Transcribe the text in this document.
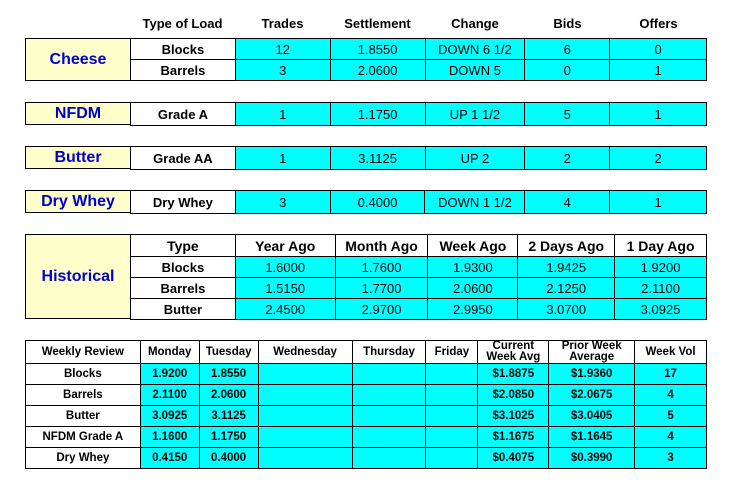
Type of Load	Trades	Settlement	Change	Bids	Offers
Cheese
Blocks	12	1.8550	DOWN 6 1/2	6	0
Barrels	3	2.0600	DOWN 5	0	1
NFDM	Grade A	1	1.1750	UP 1 1/2	5	1
Butter	Grade AA	1	3.1125	UP 2	2	2
Dry Whey	Dry Whey	3	0.4000	DOWN 1 1/2	4	1
Historical
Type	Year Ago	Month Ago	Week Ago	2 Days Ago	1 Day Ago
Blocks	1.6000	1.7600	1.9300	1.9425	1.9200
Barrels	1.5150	1.7700	2.0600	2.1250	2.1100
Butter	2.4500	2.9700	2.9950	3.0700	3.0925
Weekly Review	Monday	Tuesday	Wednesday	Thursday	Friday	Current Week Avg	Prior Week Average	Week Vol
Blocks	1.9200	1.8550				$1.8875	$1.9360	17
Barrels	2.1100	2.0600				$2.0850	$2.0675	4
Butter	3.0925	3.1125				$3.1025	$3.0405	5
NFDM Grade A	1.1600	1.1750				$1.1675	$1.1645	4
Dry Whey	0.4150	0.4000				$0.4075	$0.3990	3
